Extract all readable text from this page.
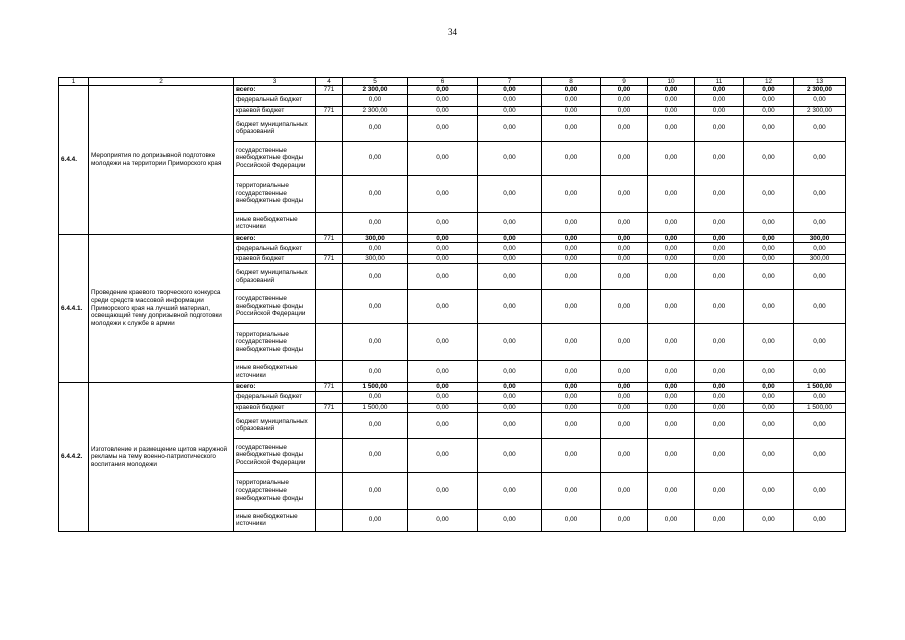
34
1	2	3	4	5	6	7	8	9	10	11	12	13
6.4.4.	Мероприятия по допризывной подготовке молодежи на территории Приморского края	всего:	771	2 300,00	0,00	0,00	0,00	0,00	0,00	0,00	0,00	2 300,00
		федеральный бюджет		0,00	0,00	0,00	0,00	0,00	0,00	0,00	0,00	0,00
		краевой бюджет	771	2 300,00	0,00	0,00	0,00	0,00	0,00	0,00	0,00	2 300,00
		бюджет муниципальных образований		0,00	0,00	0,00	0,00	0,00	0,00	0,00	0,00	0,00
		государственные внебюджетные фонды Российской Федерации		0,00	0,00	0,00	0,00	0,00	0,00	0,00	0,00	0,00
		территориальные государственные внебюджетные фонды		0,00	0,00	0,00	0,00	0,00	0,00	0,00	0,00	0,00
		иные внебюджетные источники		0,00	0,00	0,00	0,00	0,00	0,00	0,00	0,00	0,00
6.4.4.1.	Проведение краевого творческого конкурса среди средств массовой информации Приморского края на лучший материал, освещающий тему допризывной подготовки молодежи к службе в армии	всего:	771	300,00	0,00	0,00	0,00	0,00	0,00	0,00	0,00	300,00
		федеральный бюджет		0,00	0,00	0,00	0,00	0,00	0,00	0,00	0,00	0,00
		краевой бюджет	771	300,00	0,00	0,00	0,00	0,00	0,00	0,00	0,00	300,00
		бюджет муниципальных образований		0,00	0,00	0,00	0,00	0,00	0,00	0,00	0,00	0,00
		государственные внебюджетные фонды Российской Федерации		0,00	0,00	0,00	0,00	0,00	0,00	0,00	0,00	0,00
		территориальные государственные внебюджетные фонды		0,00	0,00	0,00	0,00	0,00	0,00	0,00	0,00	0,00
		иные внебюджетные источники		0,00	0,00	0,00	0,00	0,00	0,00	0,00	0,00	0,00
6.4.4.2.	Изготовление и размещение щитов наружной рекламы на тему военно-патриотического воспитания молодежи	всего:	771	1 500,00	0,00	0,00	0,00	0,00	0,00	0,00	0,00	1 500,00
		федеральный бюджет		0,00	0,00	0,00	0,00	0,00	0,00	0,00	0,00	0,00
		краевой бюджет	771	1 500,00	0,00	0,00	0,00	0,00	0,00	0,00	0,00	1 500,00
		бюджет муниципальных образований		0,00	0,00	0,00	0,00	0,00	0,00	0,00	0,00	0,00
		государственные внебюджетные фонды Российской Федерации		0,00	0,00	0,00	0,00	0,00	0,00	0,00	0,00	0,00
		территориальные государственные внебюджетные фонды		0,00	0,00	0,00	0,00	0,00	0,00	0,00	0,00	0,00
		иные внебюджетные источники		0,00	0,00	0,00	0,00	0,00	0,00	0,00	0,00	0,00
